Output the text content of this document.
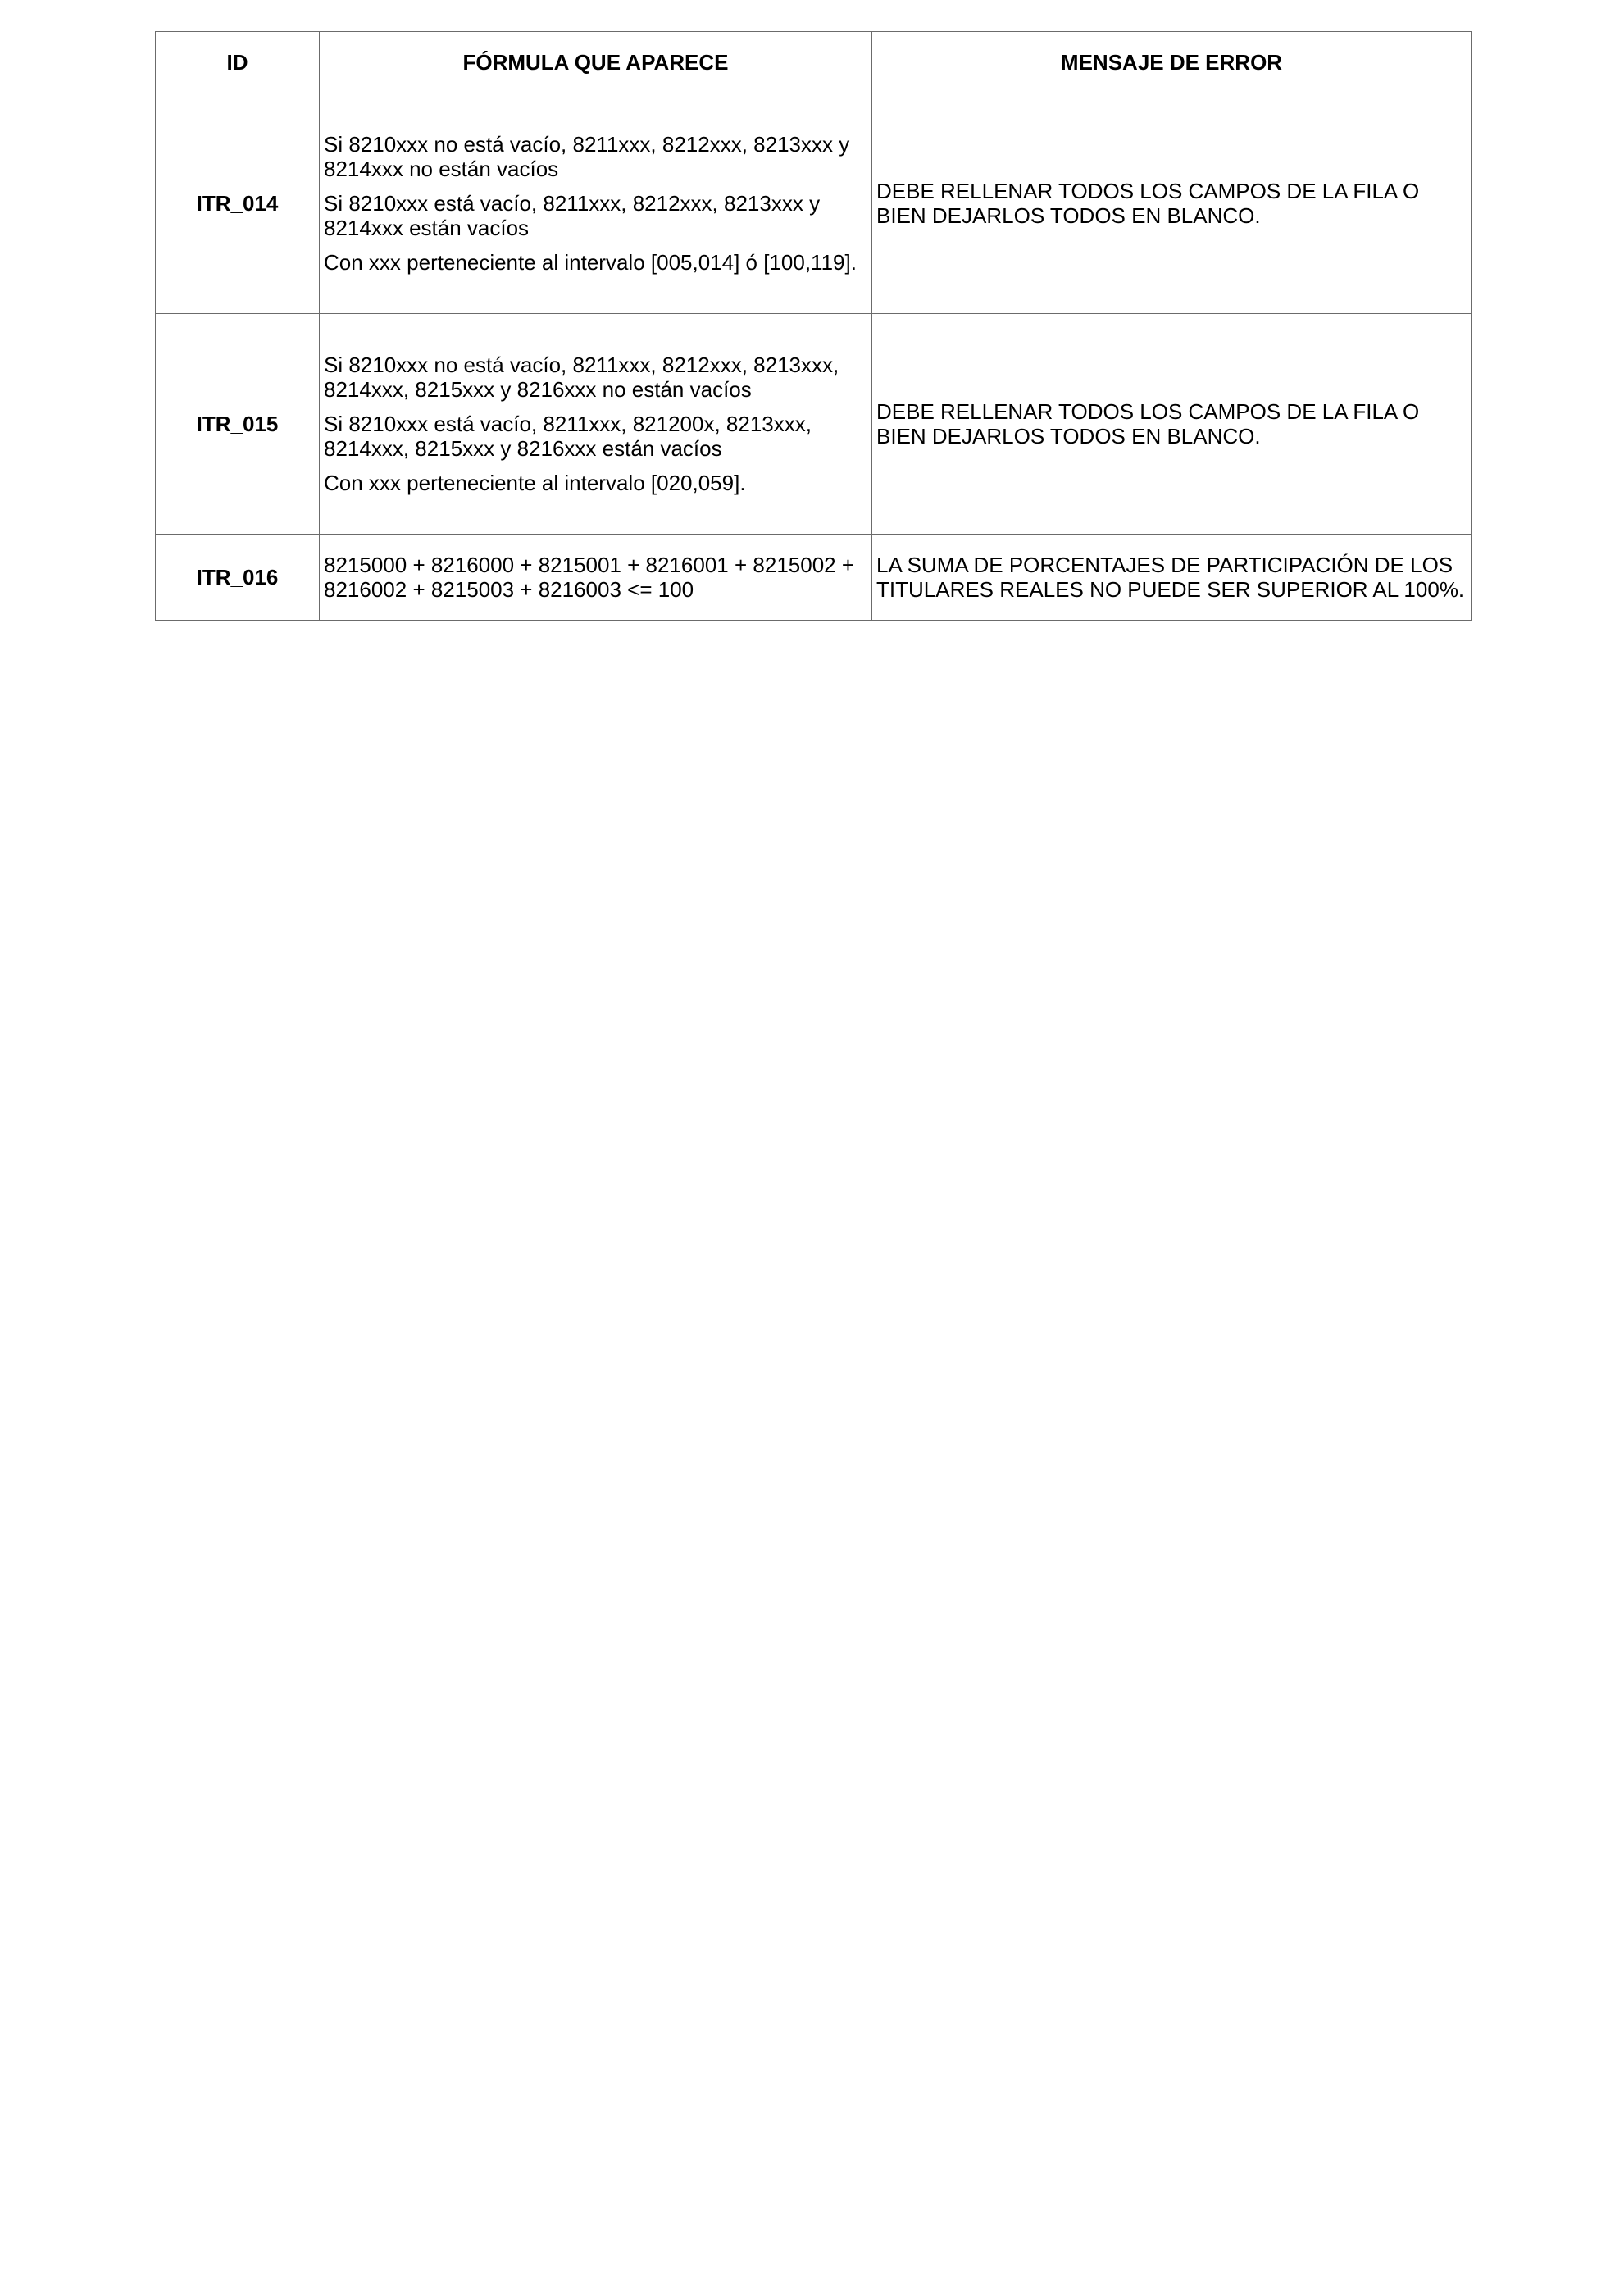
ID	FÓRMULA QUE APARECE	MENSAJE DE ERROR
ITR_014	Si 8210xxx no está vacío, 8211xxx, 8212xxx, 8213xxx y 8214xxx no están vacíos

Si 8210xxx está vacío, 8211xxx, 8212xxx, 8213xxx y 8214xxx están vacíos

Con xxx perteneciente al intervalo [005,014] ó [100,119].	DEBE RELLENAR TODOS LOS CAMPOS DE LA FILA O BIEN DEJARLOS TODOS EN BLANCO.
ITR_015	Si 8210xxx no está vacío, 8211xxx, 8212xxx, 8213xxx, 8214xxx, 8215xxx y 8216xxx no están vacíos

Si 8210xxx está vacío, 8211xxx, 821200x, 8213xxx, 8214xxx, 8215xxx y 8216xxx están vacíos

Con xxx perteneciente al intervalo [020,059].	DEBE RELLENAR TODOS LOS CAMPOS DE LA FILA O BIEN DEJARLOS TODOS EN BLANCO.
ITR_016	8215000 + 8216000 + 8215001 + 8216001 + 8215002 + 8216002 + 8215003 + 8216003 <= 100	LA SUMA DE PORCENTAJES DE PARTICIPACIÓN DE LOS TITULARES REALES NO PUEDE SER SUPERIOR AL 100%.
